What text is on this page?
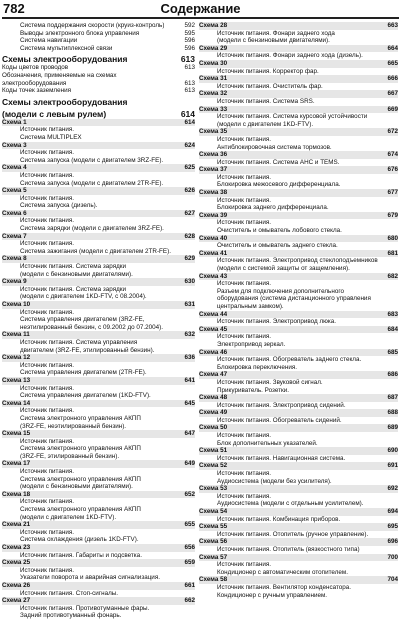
782	Содержание
Система поддержания скорости (круиз-контроль)	592
Выводы электронного блока управления	595
Система навигации	596
Система мультиплексной связи	596
Схемы электрооборудования	613
Коды цветов проводов	613
Обозначения, применяемые на схемах
электрооборудования	613
Коды точек заземления	613
Схемы электрооборудования
(модели с левым рулем)	614
Схема 1	614
Источник питания.
Система MULTIPLEX
Схема 3	624
Источник питания.
Система запуска (модели с двигателем 3RZ-FE).
Схема 4	625
Источник питания.
Система запуска (модели с двигателем 2TR-FE).
Схема 5	626
Источник питания.
Система запуска (дизель).
Схема 6	627
Источник питания.
Система зарядки (модели с двигателем 3RZ-FE).
Схема 7	628
Источник питания.
Система зажигания (модели с двигателем 2TR-FE).
Схема 8	629
Источник питания. Система зарядки
(модели с бензиновыми двигателями).
Схема 9	630
Источник питания. Система зарядки
(модели с двигателем 1KD-FTV, с 08.2004).
Схема 10	631
Источник питания.
Система управления двигателем (3RZ-FE,
неэтилированный бензин, с 09.2002 до 07.2004).
Схема 11	632
Источник питания. Система управления
двигателем (3RZ-FE, этилированный бензин).
Схема 12	636
Источник питания.
Система управления двигателем (2TR-FE).
Схема 13	641
Источник питания.
Система управления двигателем (1KD-FTV).
Схема 14	645
Источник питания.
Система электронного управления АКПП
(3RZ-FE, неэтилированный бензин).
Схема 15	647
Источник питания.
Система электронного управления АКПП
(3RZ-FE, этилированный бензин).
Схема 17	649
Источник питания.
Система электронного управления АКПП
(модели с бензиновыми двигателями).
Схема 18	652
Источник питания.
Система электронного управления АКПП
(модели с двигателем 1KD-FTV).
Схема 21	655
Источник питания.
Система охлаждения (дизель 1KD-FTV).
Схема 23	656
Источник питания. Габариты и подсветка.
Схема 25	659
Источник питания.
Указатели поворота и аварийная сигнализация.
Схема 26	661
Источник питания. Стоп-сигналы.
Схема 27	662
Источник питания. Противотуманные фары.
Задний противотуманный фонарь.
Схема 28	663
Источник питания. Фонари заднего хода
(модели с бензиновыми двигателями).
Схема 29	664
Источник питания. Фонари заднего хода (дизель).
Схема 30	665
Источник питания. Корректор фар.
Схема 31	666
Источник питания. Очиститель фар.
Схема 32	667
Источник питания. Система SRS.
Схема 33	669
Источник питания. Система курсовой устойчивости
(модели с двигателем 1KD-FTV).
Схема 35	672
Источник питания.
Антиблокировочная система тормозов.
Схема 36	674
Источник питания. Система AHC и TEMS.
Схема 37	676
Источник питания.
Блокировка межосевого дифференциала.
Схема 38	677
Источник питания.
Блокировка заднего дифференциала.
Схема 39	679
Источник питания.
Очиститель и омыватель лобового стекла.
Схема 40	680
Очиститель и омыватель заднего стекла.
Схема 41	681
Источник питания. Электропривод стеклоподъемников
(модели с системой защиты от защемления).
Схема 43	682
Источник питания.
Разъем для подключения дополнительного
оборудования (система дистанционного управления
центральным замком).
Схема 44	683
Источник питания. Электропривод люка.
Схема 45	684
Источник питания.
Электропривод зеркал.
Схема 46	685
Источник питания. Обогреватель заднего стекла.
Блокировка переключения.
Схема 47	686
Источник питания. Звуковой сигнал.
Прикуриватель. Розетки.
Схема 48	687
Источник питания. Электропривод сидений.
Схема 49	688
Источник питания. Обогреватель сидений.
Схема 50	689
Источник питания.
Блок дополнительных указателей.
Схема 51	690
Источник питания. Навигационная система.
Схема 52	691
Источник питания.
Аудиосистема (модели без усилителя).
Схема 53	692
Источник питания.
Аудиосистема (модели с отдельным усилителем).
Схема 54	694
Источник питания. Комбинация приборов.
Схема 55	695
Источник питания. Отопитель (ручное управление).
Схема 56	696
Источник питания. Отопитель (вязкостного типа)
Схема 57	700
Источник питания.
Кондиционер с автоматическим отопителем.
Схема 58	704
Источник питания. Вентилятор конденсатора.
Кондиционер с ручным управлением.
